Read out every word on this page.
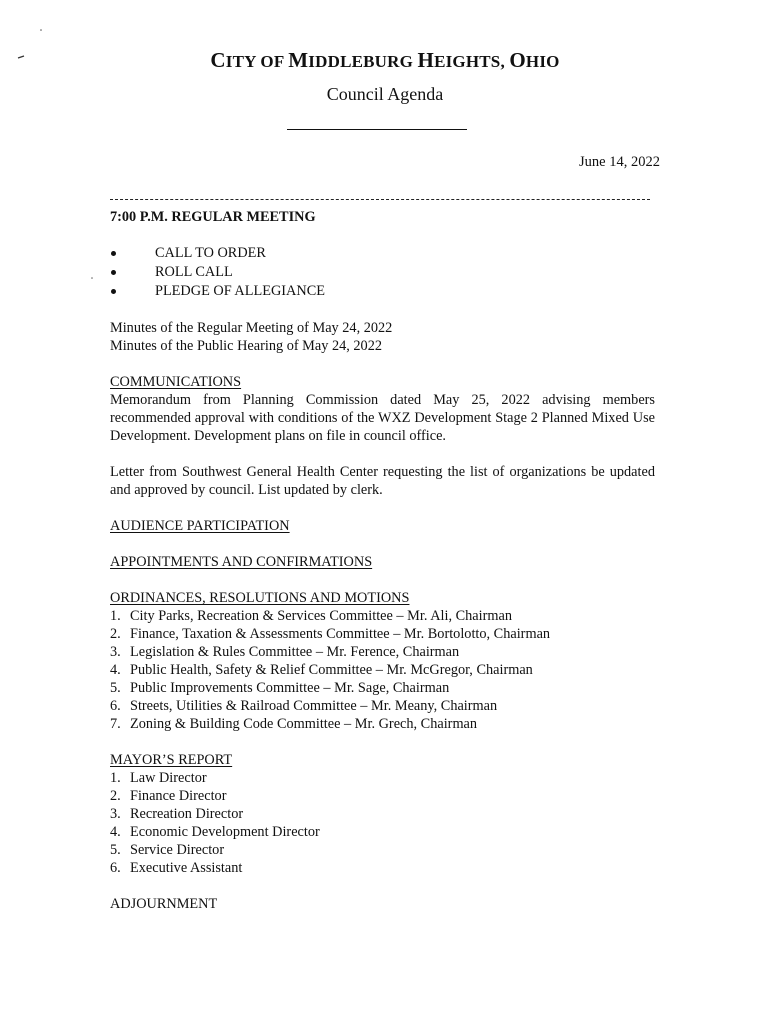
CITY OF MIDDLEBURG HEIGHTS, OHIO
Council Agenda
June 14, 2022

7:00 P.M. REGULAR MEETING

CALL TO ORDER
ROLL CALL
PLEDGE OF ALLEGIANCE

Minutes of the Regular Meeting of May 24, 2022

Minutes of the Public Hearing of May 24, 2022

COMMUNICATIONS

Memorandum from Planning Commission dated May 25, 2022 advising members recommended approval with conditions of the WXZ Development Stage 2 Planned Mixed Use Development. Development plans on file in council office.

Letter from Southwest General Health Center requesting the list of organizations be updated and approved by council. List updated by clerk.

AUDIENCE PARTICIPATION

APPOINTMENTS AND CONFIRMATIONS

ORDINANCES, RESOLUTIONS AND MOTIONS

1. City Parks, Recreation & Services Committee – Mr. Ali, Chairman
2. Finance, Taxation & Assessments Committee – Mr. Bortolotto, Chairman
3. Legislation & Rules Committee – Mr. Ference, Chairman
4. Public Health, Safety & Relief Committee – Mr. McGregor, Chairman
5. Public Improvements Committee – Mr. Sage, Chairman
6. Streets, Utilities & Railroad Committee – Mr. Meany, Chairman
7. Zoning & Building Code Committee – Mr. Grech, Chairman

MAYOR’S REPORT

1. Law Director
2. Finance Director
3. Recreation Director
4. Economic Development Director
5. Service Director
6. Executive Assistant

ADJOURNMENT
